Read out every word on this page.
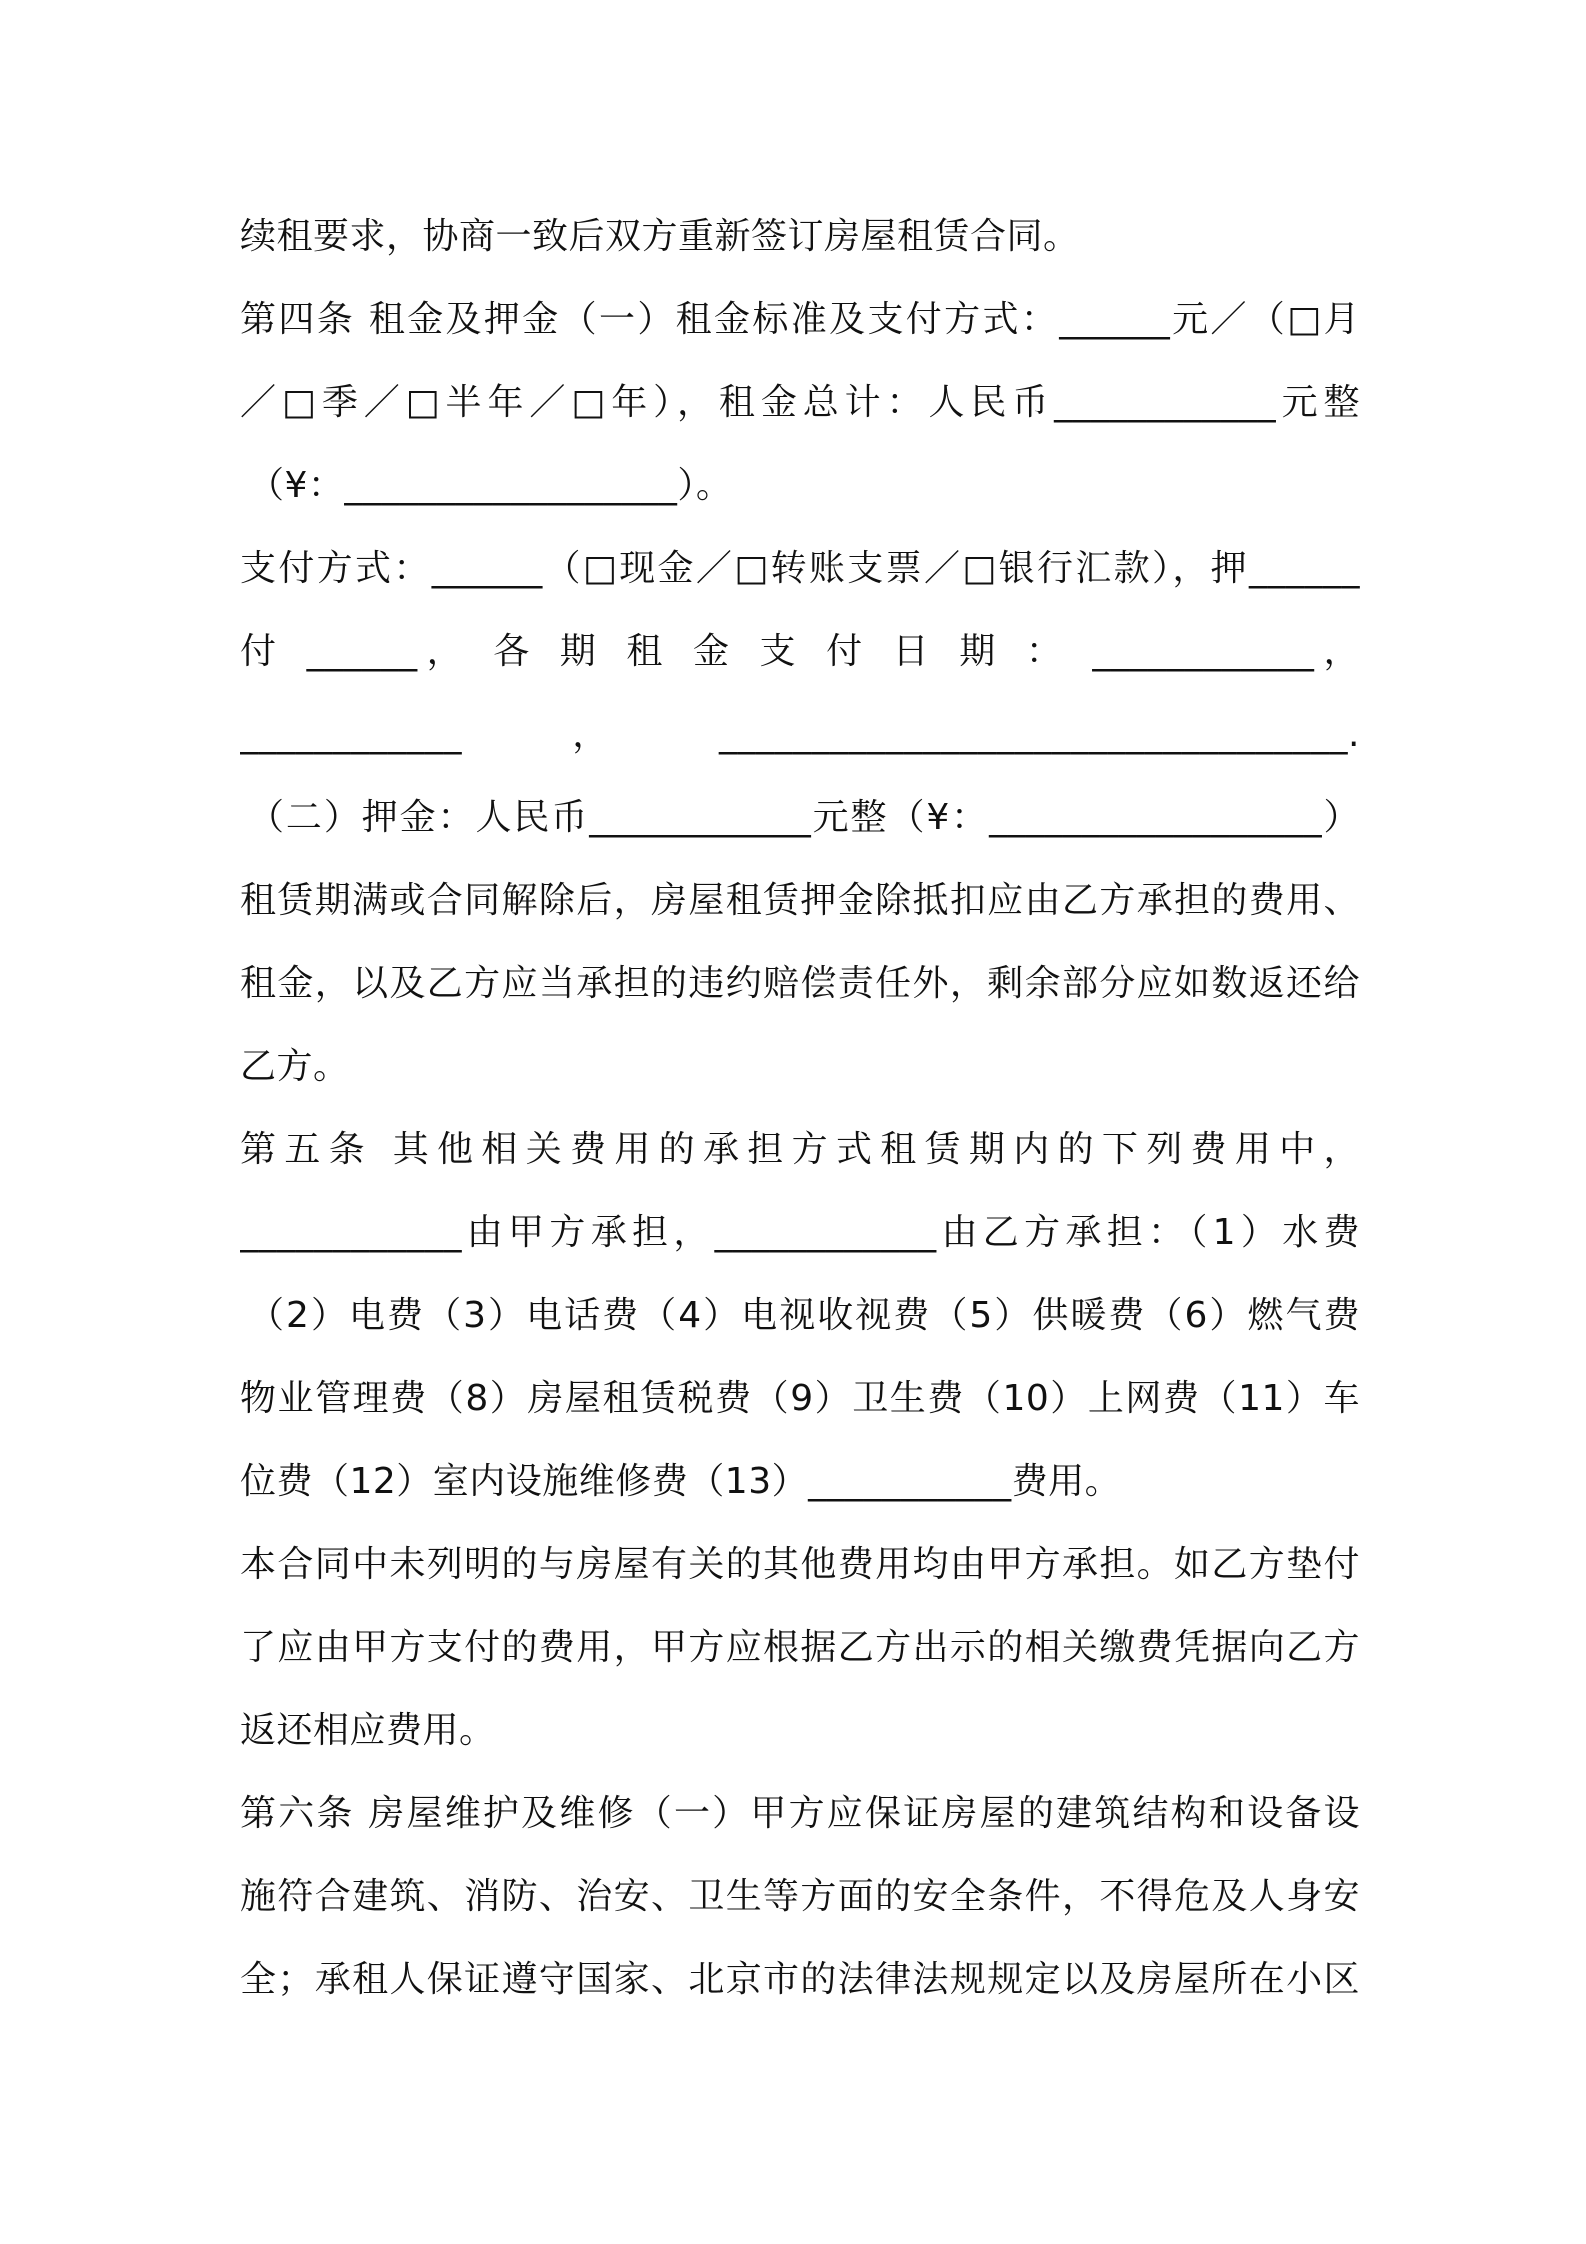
续租要求，协商一致后双方重新签订房屋租赁合同。
第四条 租金及押金（一）租金标准及支付方式：______元／（□月
／□季／□半年／□年），租金总计：人民币____________元整
（¥：__________________）。
支付方式：______（□现金／□转账支票／□银行汇款），押______
付 ______， 各 期 租 金 支 付 日 期 ： ____________，
____________，__________________________________.
（二）押金：人民币____________元整（¥：__________________）
租赁期满或合同解除后，房屋租赁押金除抵扣应由乙方承担的费用、
租金，以及乙方应当承担的违约赔偿责任外，剩余部分应如数返还给
乙方。
第五条 其他相关费用的承担方式租赁期内的下列费用中，
____________由甲方承担，____________由乙方承担：（1）水费
（2）电费（3）电话费（4）电视收视费（5）供暖费（6）燃气费
物业管理费（8）房屋租赁税费（9）卫生费（10）上网费（11）车
位费（12）室内设施维修费（13）___________费用。
本合同中未列明的与房屋有关的其他费用均由甲方承担。如乙方垫付
了应由甲方支付的费用，甲方应根据乙方出示的相关缴费凭据向乙方
返还相应费用。
第六条 房屋维护及维修（一）甲方应保证房屋的建筑结构和设备设
施符合建筑、消防、治安、卫生等方面的安全条件，不得危及人身安
全；承租人保证遵守国家、北京市的法律法规规定以及房屋所在小区
